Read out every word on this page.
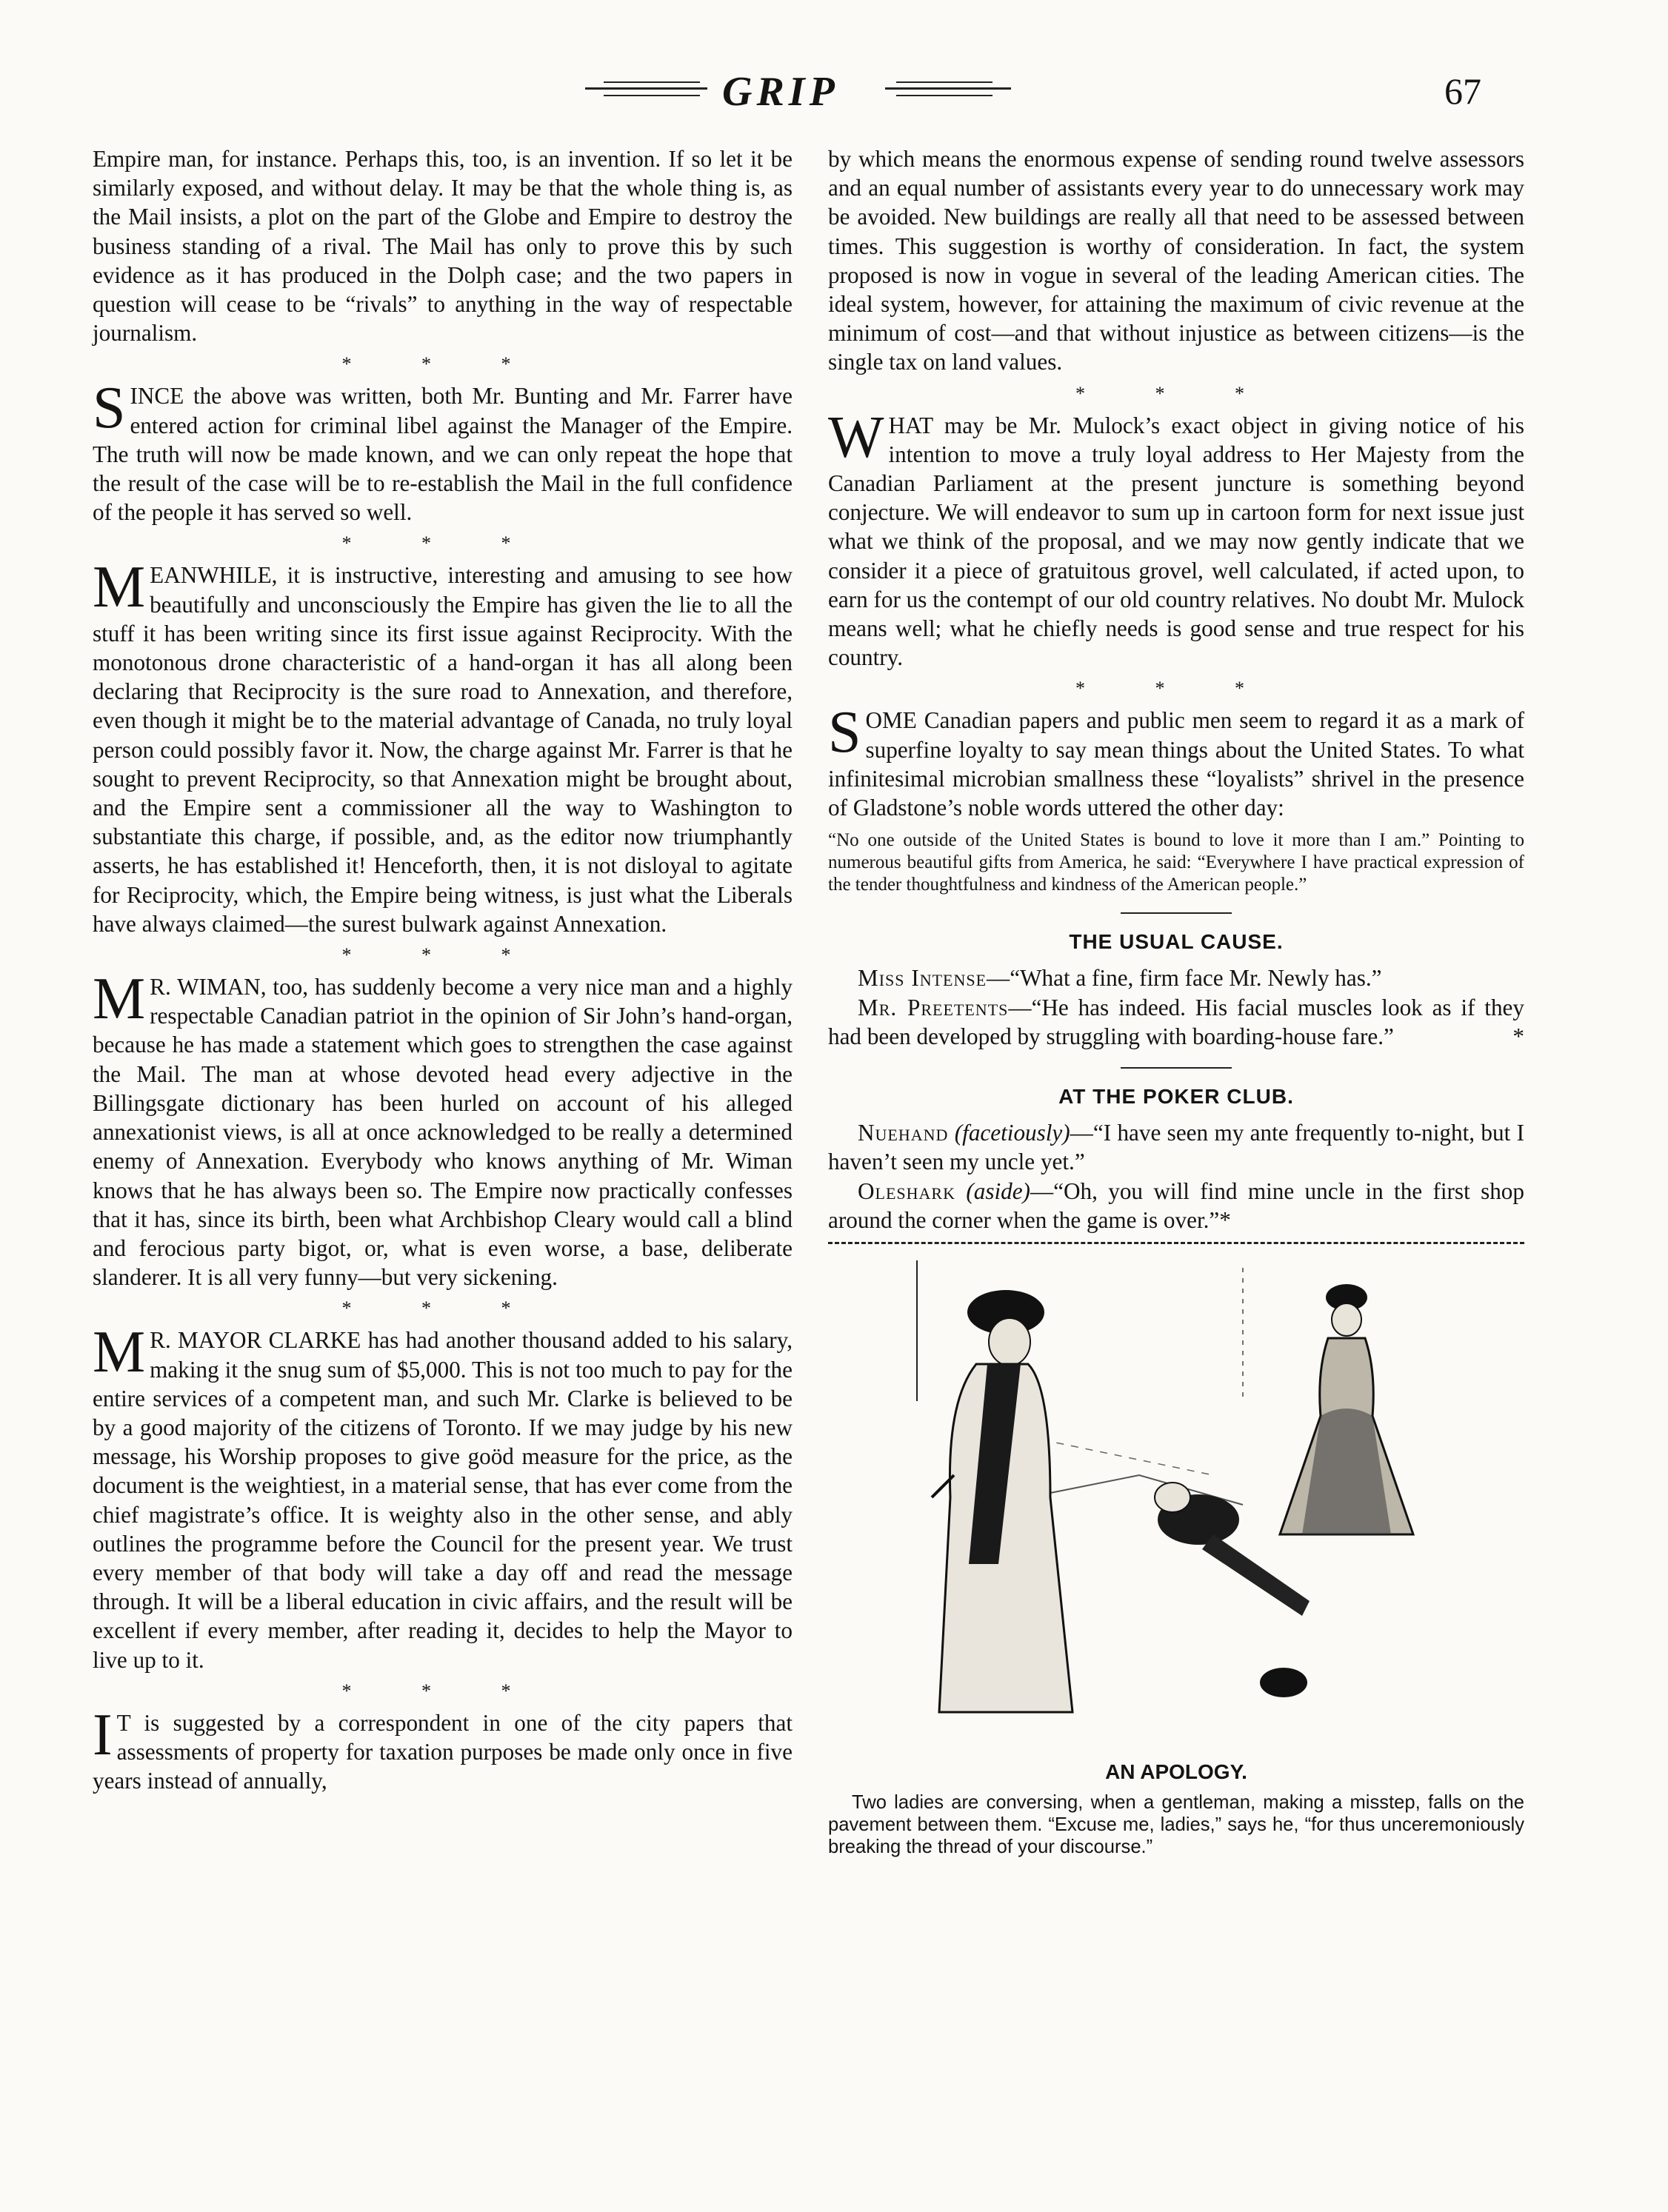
GRIP	67

Empire man, for instance. Perhaps this, too, is an invention. If so let it be similarly exposed, and without delay. It may be that the whole thing is, as the Mail insists, a plot on the part of the Globe and Empire to destroy the business standing of a rival. The Mail has only to prove this by such evidence as it has produced in the Dolph case; and the two papers in question will cease to be “rivals” to anything in the way of respectable journalism.

* * *
S INCE the above was written, both Mr. Bunting and Mr. Farrer have entered action for criminal libel against the Manager of the Empire. The truth will now be made known, and we can only repeat the hope that the result of the case will be to re-establish the Mail in the full confidence of the people it has served so well.

* * *
M EANWHILE, it is instructive, interesting and amusing to see how beautifully and unconsciously the Empire has given the lie to all the stuff it has been writing since its first issue against Reciprocity. With the monotonous drone characteristic of a hand-organ it has all along been declaring that Reciprocity is the sure road to Annexation, and therefore, even though it might be to the material advantage of Canada, no truly loyal person could possibly favor it. Now, the charge against Mr. Farrer is that he sought to prevent Reciprocity, so that Annexation might be brought about, and the Empire sent a commissioner all the way to Washington to substantiate this charge, if possible, and, as the editor now triumphantly asserts, he has established it! Henceforth, then, it is not disloyal to agitate for Reciprocity, which, the Empire being witness, is just what the Liberals have always claimed—the surest bulwark against Annexation.

* * *
M R. WIMAN, too, has suddenly become a very nice man and a highly respectable Canadian patriot in the opinion of Sir John’s hand-organ, because he has made a statement which goes to strengthen the case against the Mail. The man at whose devoted head every adjective in the Billingsgate dictionary has been hurled on account of his alleged annexationist views, is all at once acknowledged to be really a determined enemy of Annexation. Everybody who knows anything of Mr. Wiman knows that he has always been so. The Empire now practically confesses that it has, since its birth, been what Archbishop Cleary would call a blind and ferocious party bigot, or, what is even worse, a base, deliberate slanderer. It is all very funny—but very sickening.

* * *
M R. MAYOR CLARKE has had another thousand added to his salary, making it the snug sum of $5,000. This is not too much to pay for the entire services of a competent man, and such Mr. Clarke is believed to be by a good majority of the citizens of Toronto. If we may judge by his new message, his Worship proposes to give goöd measure for the price, as the document is the weightiest, in a material sense, that has ever come from the chief magistrate’s office. It is weighty also in the other sense, and ably outlines the programme before the Council for the present year. We trust every member of that body will take a day off and read the message through. It will be a liberal education in civic affairs, and the result will be excellent if every member, after reading it, decides to help the Mayor to live up to it.

* * *
I T is suggested by a correspondent in one of the city papers that assessments of property for taxation purposes be made only once in five years instead of annually,

by which means the enormous expense of sending round twelve assessors and an equal number of assistants every year to do unnecessary work may be avoided. New buildings are really all that need to be assessed between times. This suggestion is worthy of consideration. In fact, the system proposed is now in vogue in several of the leading American cities. The ideal system, however, for attaining the maximum of civic revenue at the minimum of cost—and that without injustice as between citizens—is the single tax on land values.

* * *
W HAT may be Mr. Mulock’s exact object in giving notice of his intention to move a truly loyal address to Her Majesty from the Canadian Parliament at the present juncture is something beyond conjecture. We will endeavor to sum up in cartoon form for next issue just what we think of the proposal, and we may now gently indicate that we consider it a piece of gratuitous grovel, well calculated, if acted upon, to earn for us the contempt of our old country relatives. No doubt Mr. Mulock means well; what he chiefly needs is good sense and true respect for his country.

* * *
S OME Canadian papers and public men seem to regard it as a mark of superfine loyalty to say mean things about the United States. To what infinitesimal microbian smallness these “loyalists” shrivel in the presence of Gladstone’s noble words uttered the other day:

“No one outside of the United States is bound to love it more than I am.” Pointing to numerous beautiful gifts from America, he said: “Everywhere I have practical expression of the tender thoughtfulness and kindness of the American people.”

THE USUAL CAUSE.

Miss Intense—“What a fine, firm face Mr. Newly has.”

Mr. Preetents—“He has indeed. His facial muscles look as if they had been developed by struggling with boarding-house fare.”	*

AT THE POKER CLUB.

Nuehand (facetiously)—“I have seen my ante frequently to-night, but I haven’t seen my uncle yet.”

Oleshark (aside)—“Oh, you will find mine uncle in the first shop around the corner when the game is over.”*

AN APOLOGY.
Two ladies are conversing, when a gentleman, making a misstep, falls on the pavement between them. “Excuse me, ladies,” says he, “for thus unceremoniously breaking the thread of your discourse.”
